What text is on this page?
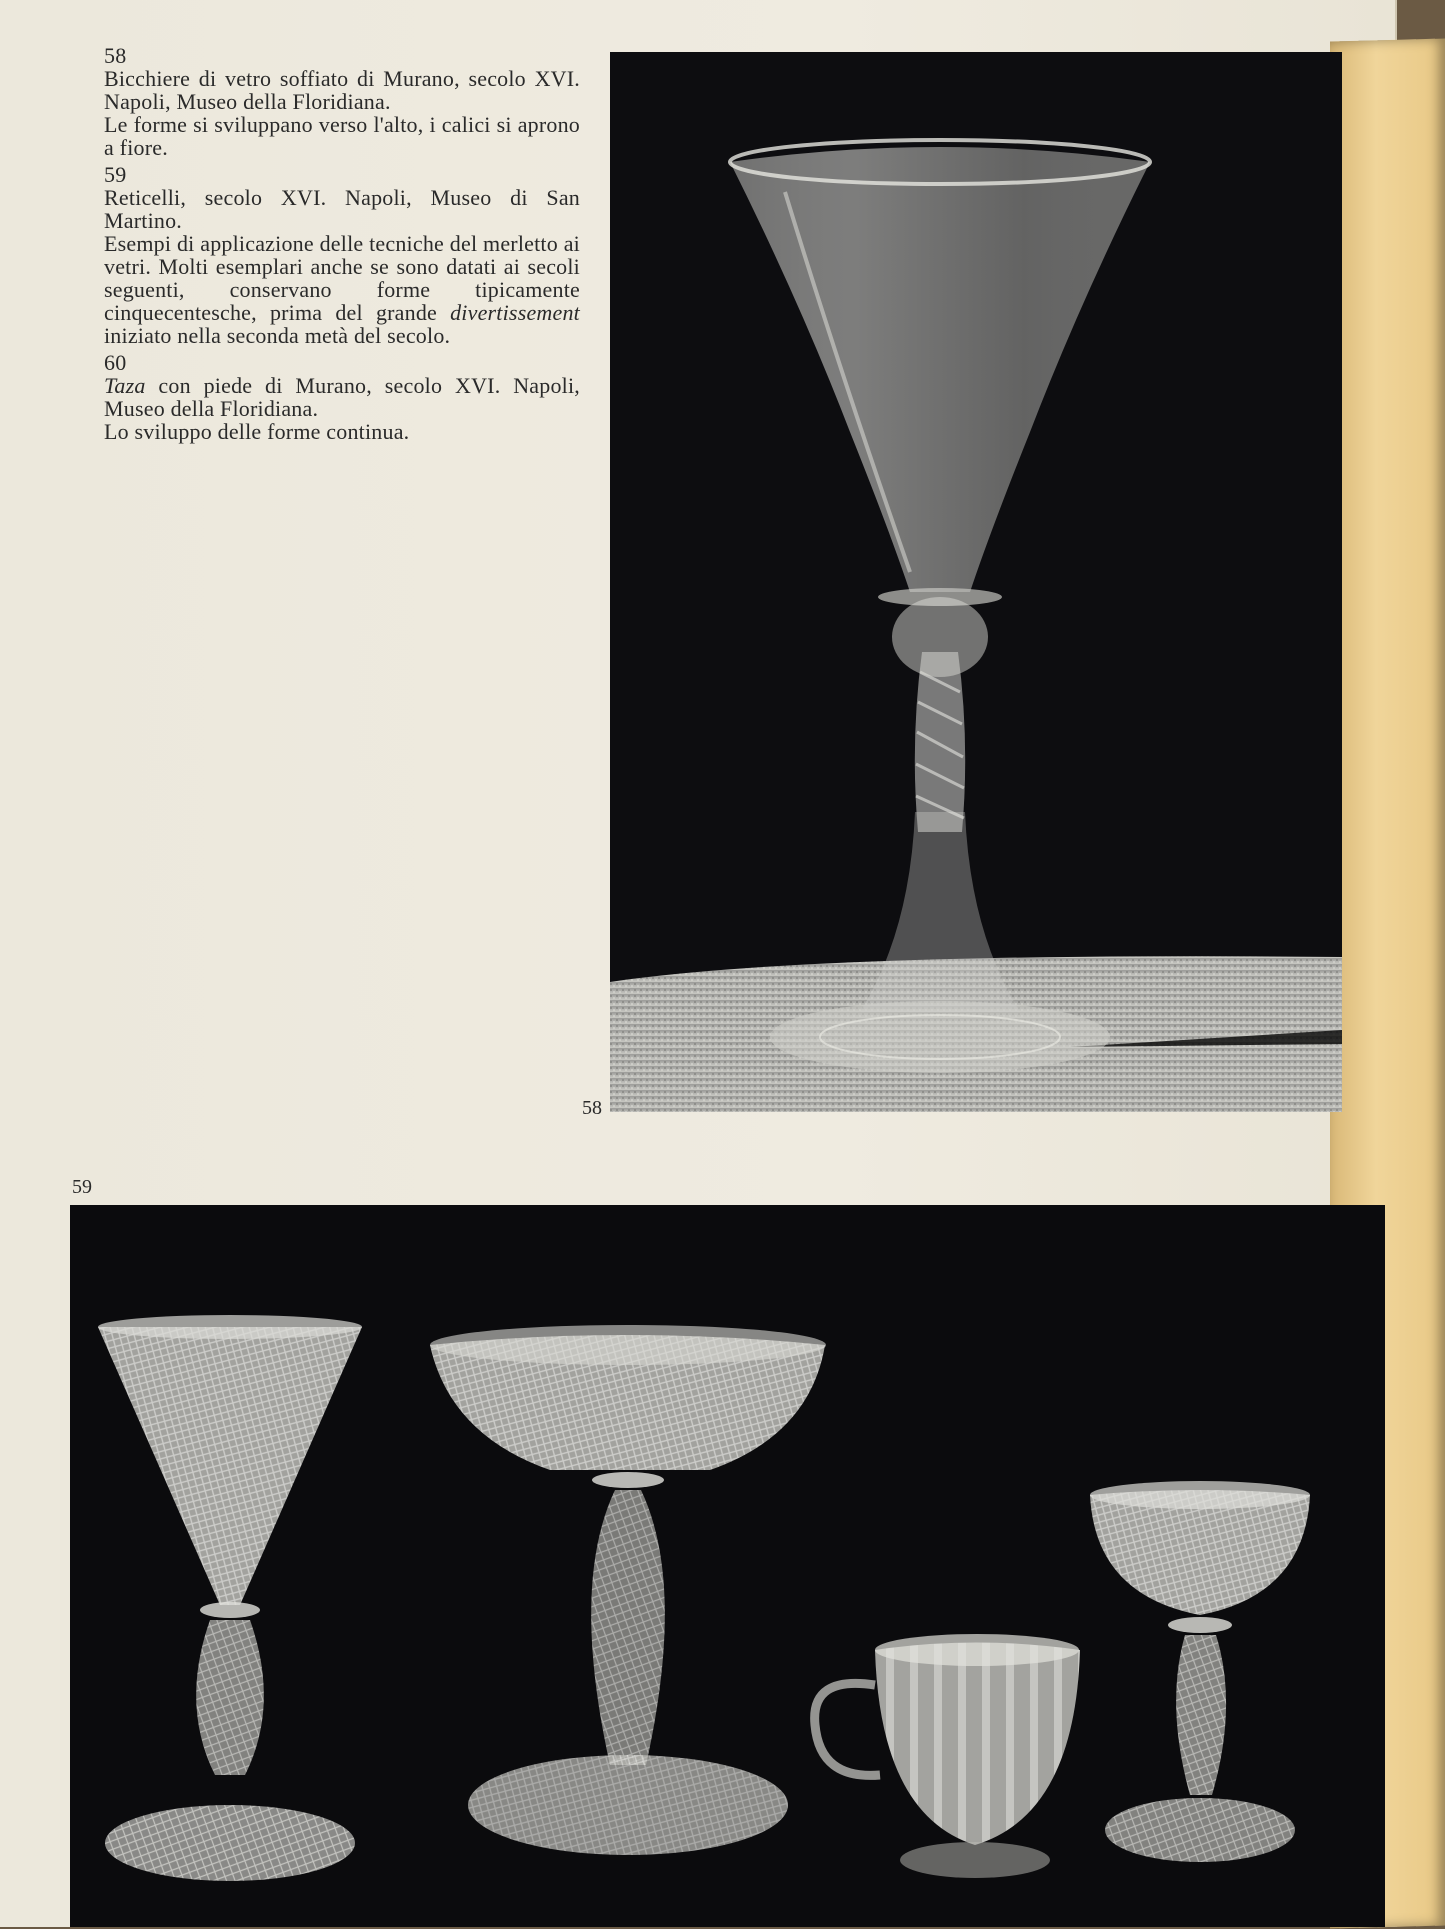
58
Bicchiere di vetro soffiato di Murano, secolo XVI. Napoli, Museo della Floridiana.
Le forme si sviluppano verso l'alto, i calici si aprono a fiore.
59
Reticelli, secolo XVI. Napoli, Museo di San Martino.
Esempi di applicazione delle tecniche del merletto ai vetri. Molti esemplari anche se sono datati ai secoli seguenti, conservano forme tipicamente cinquecentesche, prima del grande divertissement iniziato nella seconda metà del secolo.
60
Taza con piede di Murano, secolo XVI. Napoli, Museo della Floridiana.
Lo sviluppo delle forme continua.
58
59
